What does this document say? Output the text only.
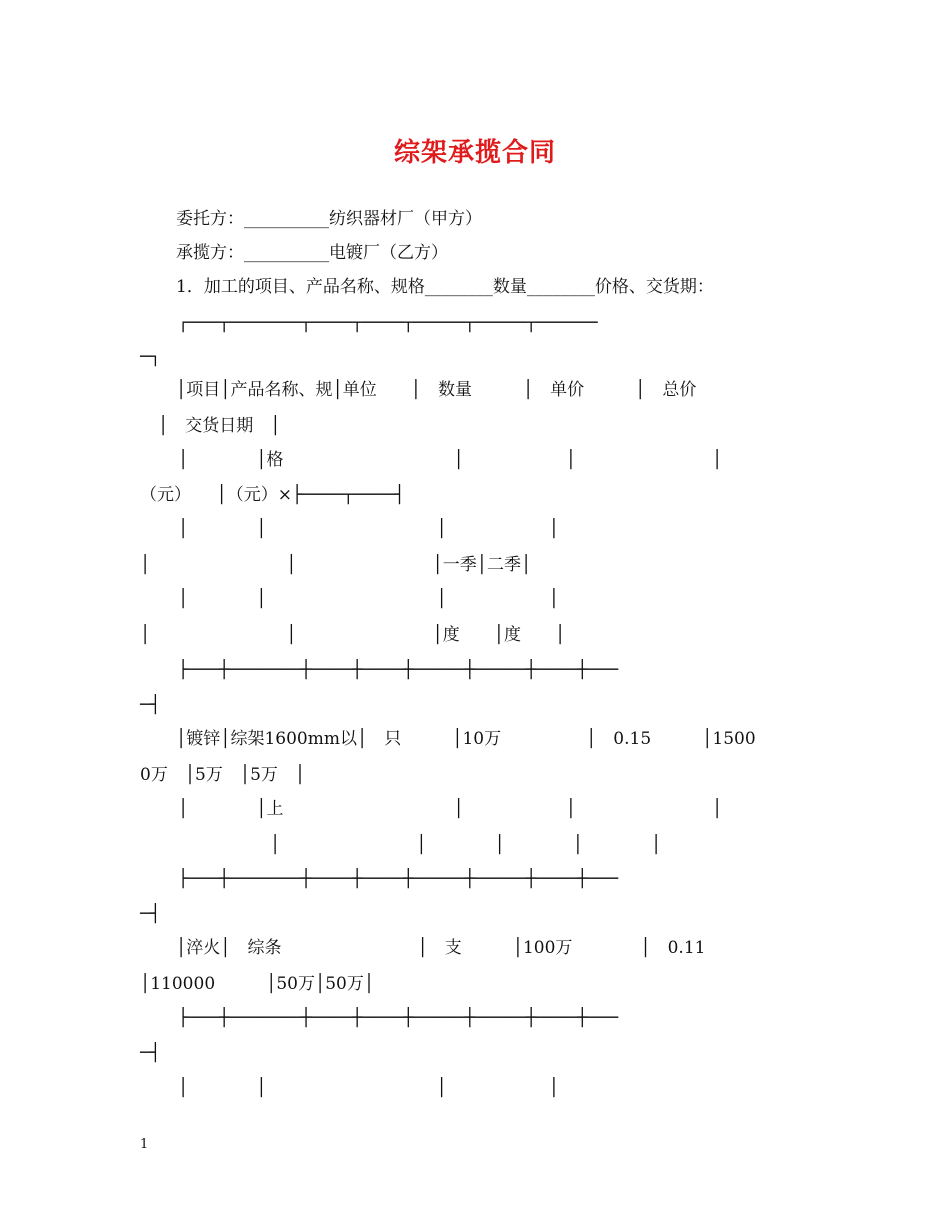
综架承揽合同
委托方：__________纺织器材厂（甲方）
承揽方：__________电镀厂（乙方）
1．加工的项目、产品名称、规格________数量________价格、交货期：
┌───┬───────┬────┬────┬─────┬─────┬──────
─┐
│项目│产品名称、规│单位　　│　数量　　　│　单价　　　│　总价
│　交货日期　│
│　　　　│格　　　　　　　　　　│　　　　　　│　　　　　　　　│
（元）　　│（元）×├────┬────┤
│　　　　│　　　　　　　　　　│　　　　　　│
│　　　　　　　　│　　　　　　　　│一季│二季│
│　　　　│　　　　　　　　　　│　　　　　　│
│　　　　　　　　│　　　　　　　　│度　　│度　　│
├───┼───────┼────┼────┼─────┼─────┼────┼───
─┤
│镀锌│综架1600mm以│　只　　　│10万　　　　　│　0.15　　　│1500
0万　│5万　│5万　│
│　　　　│上　　　　　　　　　　│　　　　　　│　　　　　　　　│
│　　　　　　　　│　　　　│　　　　│　　　　│
├───┼───────┼────┼────┼─────┼─────┼────┼───
─┤
│淬火│　综条　　　　　　　　│　支　　　│100万　　　　│　0.11
│110000　　　│50万│50万│
├───┼───────┼────┼────┼─────┼─────┼────┼───
─┤
│　　　　│　　　　　　　　　　│　　　　　　│
1
